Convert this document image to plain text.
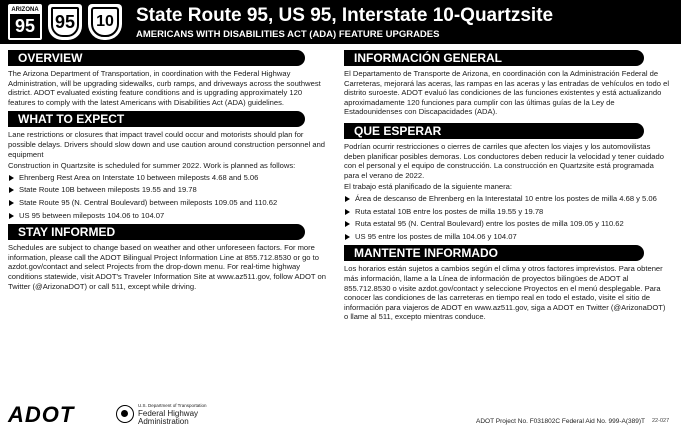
ARIZONA
95 95	10 State Route 95, US 95, Interstate 10-Quartzsite
AMERICANS WITH DISABILITIES ACT (ADA) FEATURE UPGRADES
OVERVIEW

The Arizona Department of Transportation, in coordination with the Federal Highway Administration, will be upgrading sidewalks, curb ramps, and driveways across the southwest district. ADOT evaluated existing feature conditions and is upgrading approximately 120 features to comply with the latest Americans with Disabilities Act (ADA) guidelines.

WHAT TO EXPECT

Lane restrictions or closures that impact travel could occur and motorists should plan for possible delays. Drivers should slow down and use caution around construction personnel and equipment

Construction in Quartzsite is scheduled for summer 2022. Work is planned as follows:

Ehrenberg Rest Area on Interstate 10 between mileposts 4.68 and 5.06
State Route 10B between mileposts 19.55 and 19.78
State Route 95 (N. Central Boulevard) between mileposts 109.05 and 110.62
US 95 between mileposts 104.06 to 104.07
STAY INFORMED

Schedules are subject to change based on weather and other unforeseen factors. For more information, please call the ADOT Bilingual Project Information Line at 855.712.8530 or go to azdot.gov/contact and select Projects from the drop-down menu. For real-time highway conditions statewide, visit ADOT's Traveler Information Site at www.az511.gov, follow ADOT on Twitter (@ArizonaDOT) or call 511, except while driving.

INFORMACIÓN GENERAL

El Departamento de Transporte de Arizona, en coordinación con la Administración Federal de Carreteras, mejorará las aceras, las rampas en las aceras y las entradas de vehículos en todo el distrito suroeste. ADOT evaluó las condiciones de las funciones existentes y está actualizando aproximadamente 120 funciones para cumplir con las últimas guías de la Ley de Estadounidenses con Discapacidades (ADA).

QUE ESPERAR

Podrían ocurrir restricciones o cierres de carriles que afecten los viajes y los automovilistas deben planificar posibles demoras. Los conductores deben reducir la velocidad y tener cuidado con el personal y el equipo de construcción. La construcción en Quartzsite está programada para el verano de 2022.

El trabajo está planificado de la siguiente manera:

Área de descanso de Ehrenberg en la Interestatal 10 entre los postes de milla 4.68 y 5.06
Ruta estatal 10B entre los postes de milla 19.55 y 19.78
Ruta estatal 95 (N. Central Boulevard) entre los postes de milla 109.05 y 110.62
US 95 entre los postes de milla 104.06 y 104.07
MANTENTE INFORMADO

Los horarios están sujetos a cambios según el clima y otros factores imprevistos. Para obtener más información, llame a la Línea de información de proyectos bilingües de ADOT al 855.712.8530 o visite azdot.gov/contact y seleccione Proyectos en el menú desplegable. Para conocer las condiciones de las carreteras en tiempo real en todo el estado, visite el sitio de información para viajeros de ADOT en www.az511.gov, siga a ADOT en Twitter (@ArizonaDOT) o llame al 511, excepto mientras conduce.

ADOT	U.S. Department of Transportation
Federal Highway
Administration	ADOT Project No. F031802C Federal Aid No. 999-A(389)T 22-027
